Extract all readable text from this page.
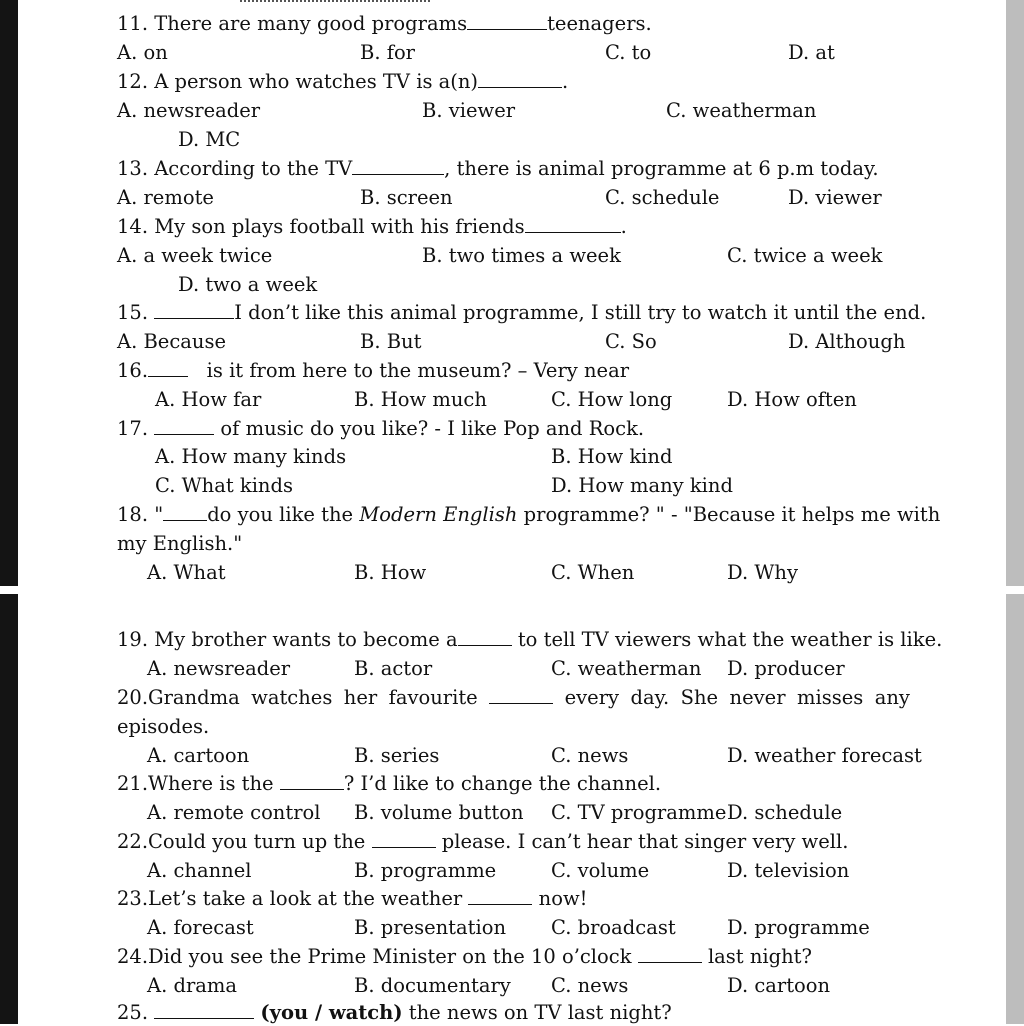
11. There are many good programs	teenagers.
A. on	B. for	C. to	D. at
12. A person who watches TV is a(n)	.
A. newsreader	B. viewer	C. weatherman
D. MC
13. According to the TV	, there is animal programme at 6 p.m today.
A. remote	B. screen	C. schedule	D. viewer
14. My son plays football with his friends	.
A. a week twice	B. two times a week	C. twice a week
D. two a week
15.	I don’t like this animal programme, I still try to watch it until the end.
A. Because	B. But	C. So	D. Although
16.	is it from here to the museum? – Very near
A. How far	B. How much	C. How long	D. How often
17.	of music do you like? - I like Pop and Rock.
A. How many kinds	B. How kind
C. What kinds	D. How many kind
18. " do you like the Modern English programme? " - "Because it helps me with
my English."
A. What	B. How	C. When	D. Why
19. My brother wants to become a	to tell TV viewers what the weather is like.
A. newsreader	B. actor	C. weatherman D. producer
20.Grandma watches her favourite	every day. She never misses any
episodes.
A. cartoon	B. series	C. news	D. weather forecast
21.Where is the	? I’d like to change the channel.
A. remote control B. volume button C. TV programme D. schedule
22.Could you turn up the	please. I can’t hear that singer very well.
A. channel	B. programme	C. volume	D. television
23.Let’s take a look at the weather	now!
A. forecast	B. presentation C. broadcast	D. programme
24.Did you see the Prime Minister on the 10 o’clock	last night?
A. drama	B. documentary C. news	D. cartoon
25.	(you / watch) the news on TV last night?
